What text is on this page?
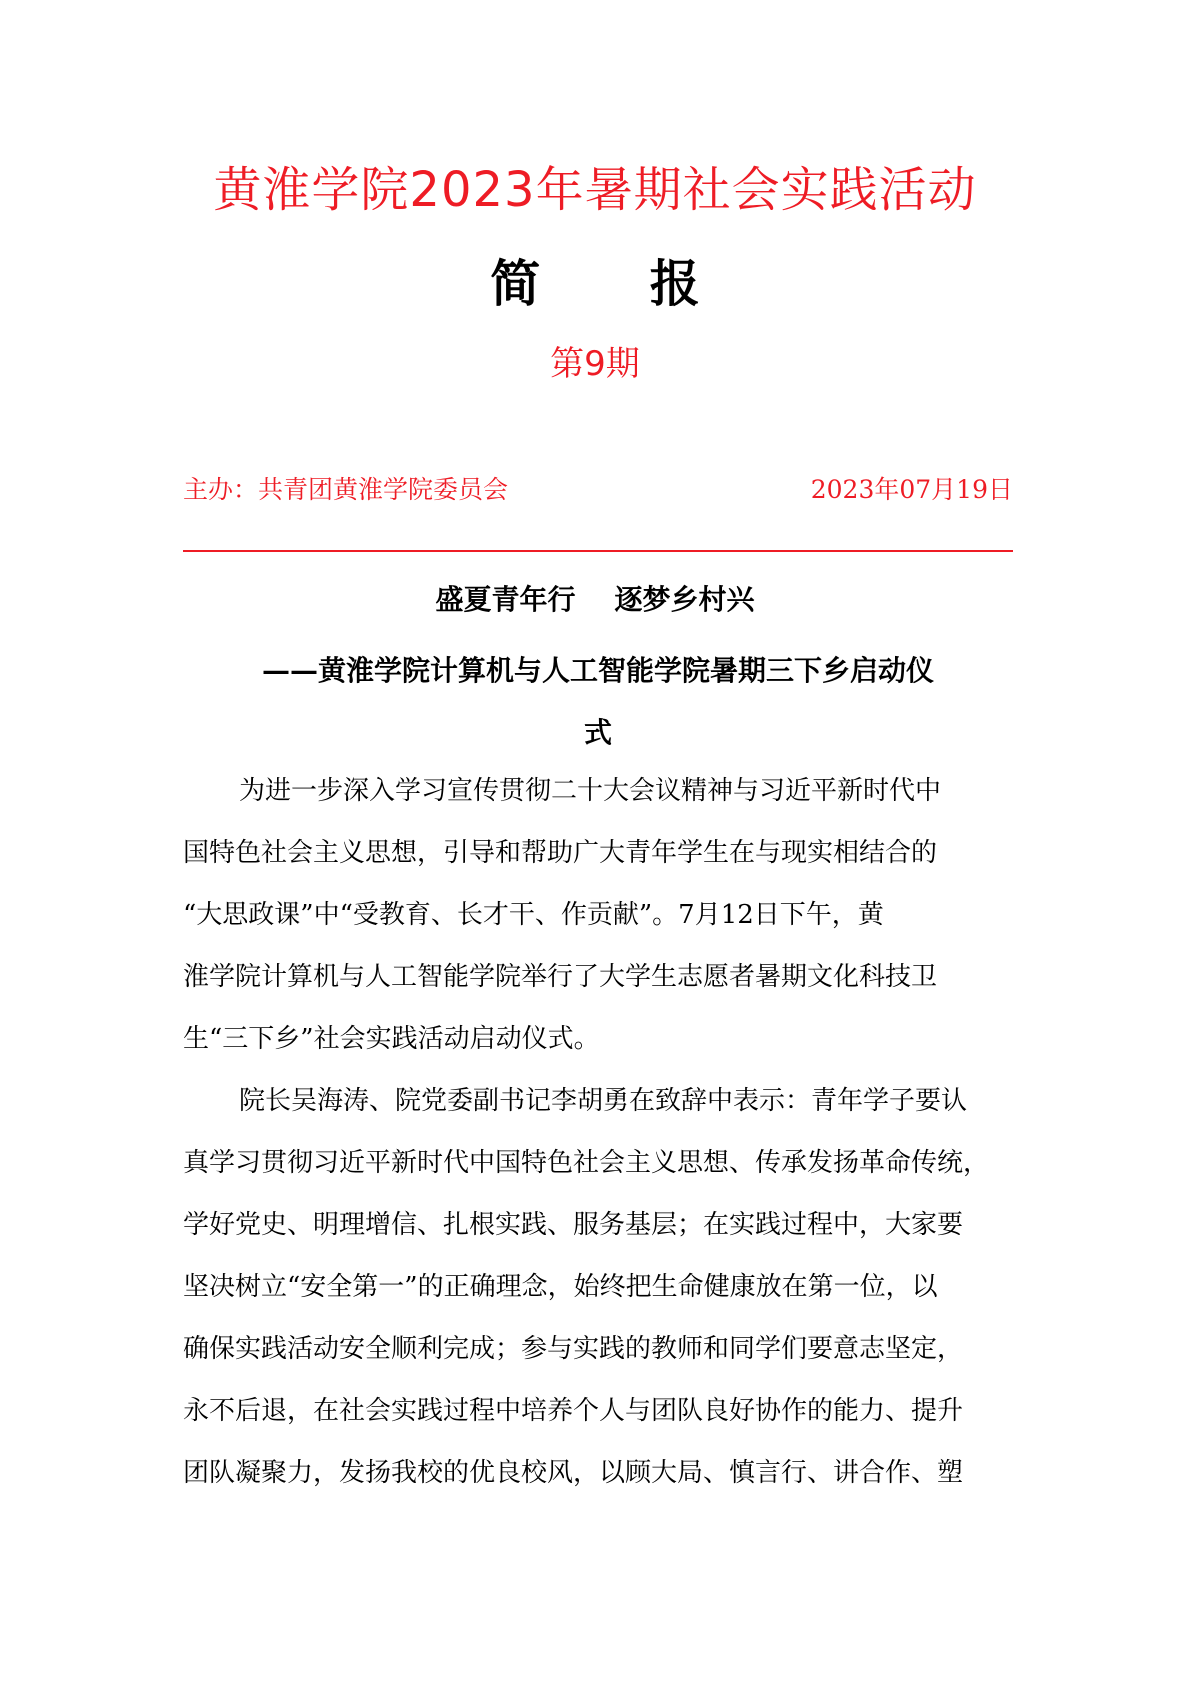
黄淮学院2023年暑期社会实践活动
简 报
第9期
主办：共青团黄淮学院委员会	2023年07月19日
盛夏青年行    逐梦乡村兴
——黄淮学院计算机与人工智能学院暑期三下乡启动仪
式

为进一步深入学习宣传贯彻二十大会议精神与习近平新时代中
国特色社会主义思想，引导和帮助广大青年学生在与现实相结合的
“大思政课”中“受教育、长才干、作贡献”。7月12日下午，黄
淮学院计算机与人工智能学院举行了大学生志愿者暑期文化科技卫
生“三下乡”社会实践活动启动仪式。

院长吴海涛、院党委副书记李胡勇在致辞中表示：青年学子要认
真学习贯彻习近平新时代中国特色社会主义思想、传承发扬革命传统，
学好党史、明理增信、扎根实践、服务基层；在实践过程中，大家要
坚决树立“安全第一”的正确理念，始终把生命健康放在第一位，以
确保实践活动安全顺利完成；参与实践的教师和同学们要意志坚定，
永不后退，在社会实践过程中培养个人与团队良好协作的能力、提升
团队凝聚力，发扬我校的优良校风，以顾大局、慎言行、讲合作、塑
